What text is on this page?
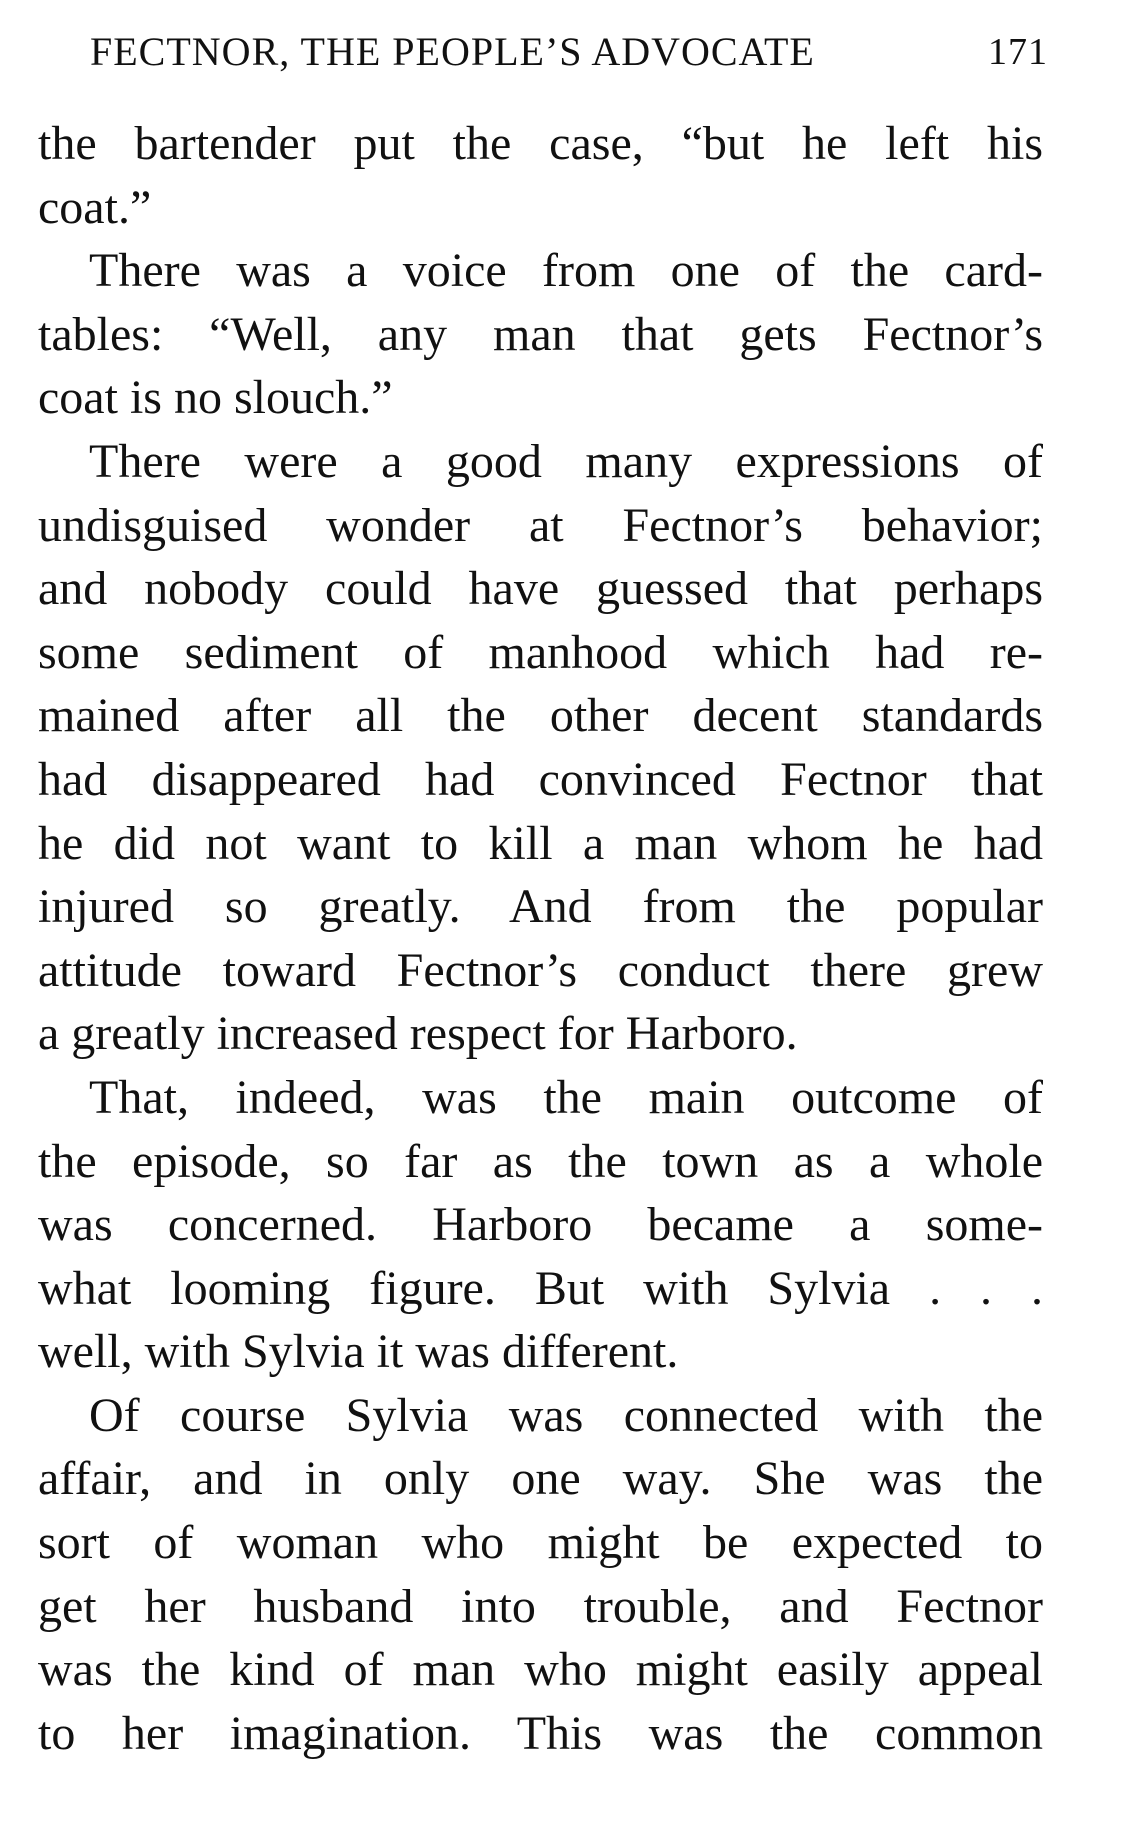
FECTNOR, THE PEOPLE’S ADVOCATE	171
the bartender put the case, “but he left his
coat.”
There was a voice from one of the card-
tables: “Well, any man that gets Fectnor’s
coat is no slouch.”
There were a good many expressions of
undisguised wonder at Fectnor’s behavior;
and nobody could have guessed that perhaps
some sediment of manhood which had re-
mained after all the other decent standards
had disappeared had convinced Fectnor that
he did not want to kill a man whom he had
injured so greatly. And from the popular
attitude toward Fectnor’s conduct there grew
a greatly increased respect for Harboro.
That, indeed, was the main outcome of
the episode, so far as the town as a whole
was concerned. Harboro became a some-
what looming figure. But with Sylvia . . .
well, with Sylvia it was different.
Of course Sylvia was connected with the
affair, and in only one way. She was the
sort of woman who might be expected to
get her husband into trouble, and Fectnor
was the kind of man who might easily appeal
to her imagination. This was the common
